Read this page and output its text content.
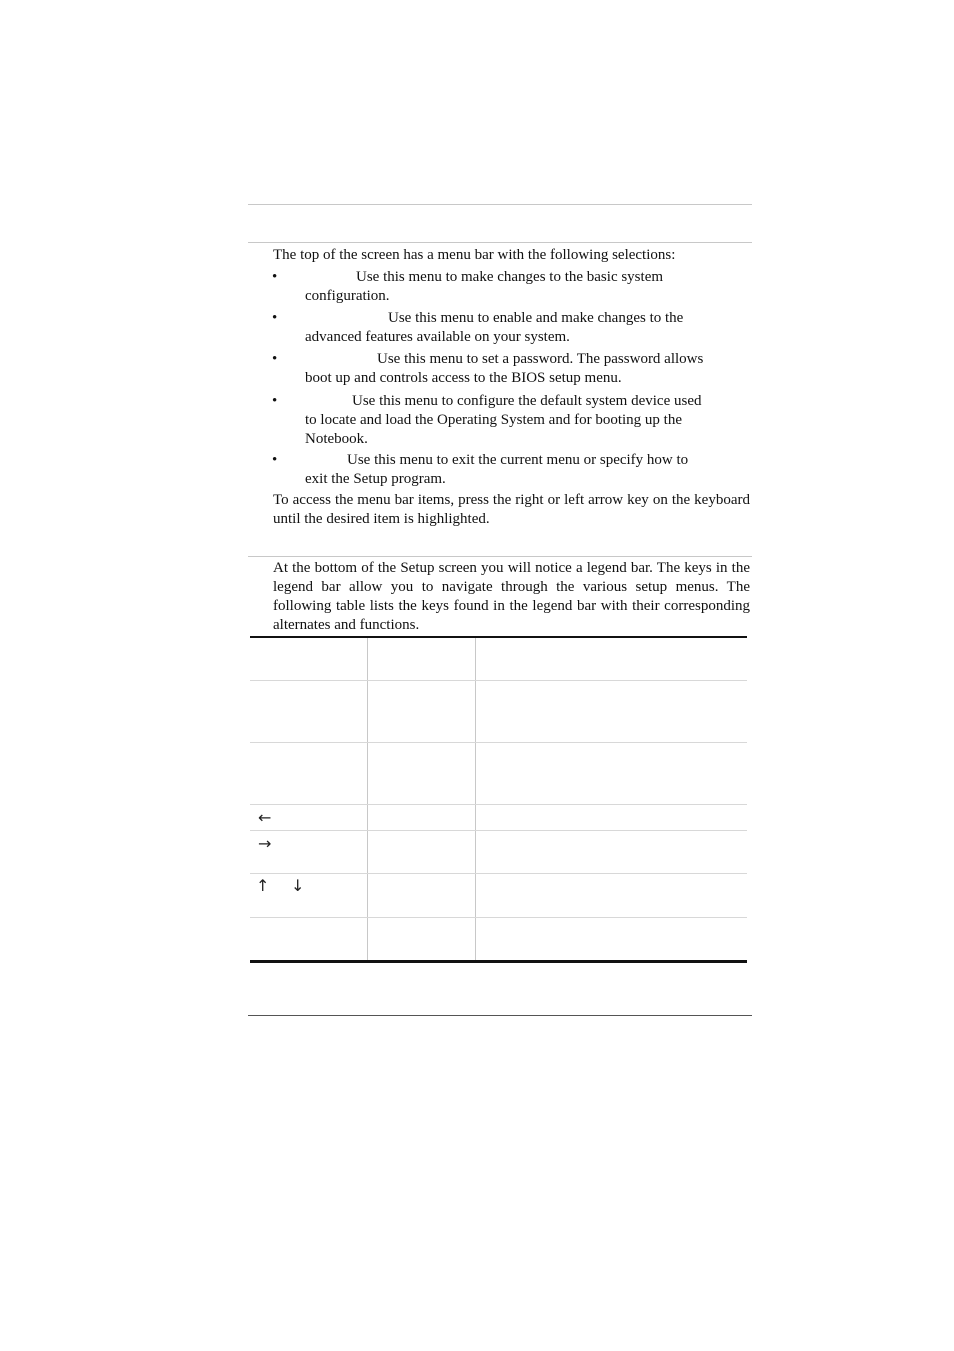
The top of the screen has a menu bar with the following selections:
•	Use this menu to make changes to the basic system
configuration.
•	Use this menu to enable and make changes to the
advanced features available on your system.
•	Use this menu to set a password. The password allows
boot up and controls access to the BIOS setup menu.
•	Use this menu to configure the default system device used
to locate and load the Operating System and for booting up the
Notebook.
•	Use this menu to exit the current menu or specify how to
exit the Setup program.
To access the menu bar items, press the right or left arrow key on the keyboard until the desired item is highlighted.
At the bottom of the Setup screen you will notice a legend bar. The keys in the legend bar allow you to navigate through the various setup menus. The following table lists the keys found in the legend bar with their corresponding alternates and functions.
←
→
↑ ↓
